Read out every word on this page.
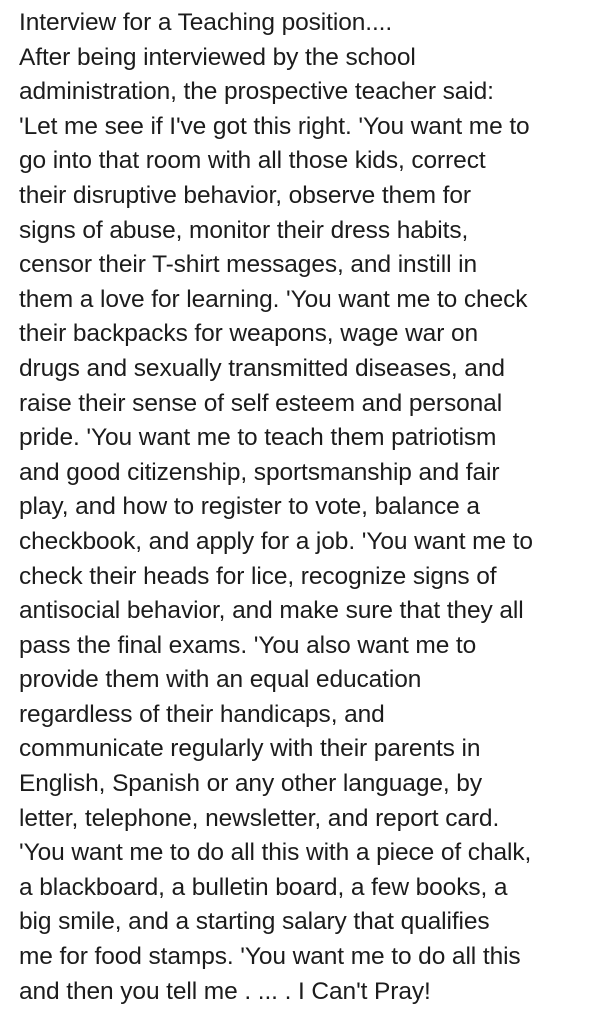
Interview for a Teaching position....
After being interviewed by the school
administration, the prospective teacher said:
'Let me see if I've got this right. 'You want me to
go into that room with all those kids, correct
their disruptive behavior, observe them for
signs of abuse, monitor their dress habits,
censor their T-shirt messages, and instill in
them a love for learning. 'You want me to check
their backpacks for weapons, wage war on
drugs and sexually transmitted diseases, and
raise their sense of self esteem and personal
pride. 'You want me to teach them patriotism
and good citizenship, sportsmanship and fair
play, and how to register to vote, balance a
checkbook, and apply for a job. 'You want me to
check their heads for lice, recognize signs of
antisocial behavior, and make sure that they all
pass the final exams. 'You also want me to
provide them with an equal education
regardless of their handicaps, and
communicate regularly with their parents in
English, Spanish or any other language, by
letter, telephone, newsletter, and report card.
'You want me to do all this with a piece of chalk,
a blackboard, a bulletin board, a few books, a
big smile, and a starting salary that qualifies
me for food stamps. 'You want me to do all this
and then you tell me . ... . I Can't Pray!
